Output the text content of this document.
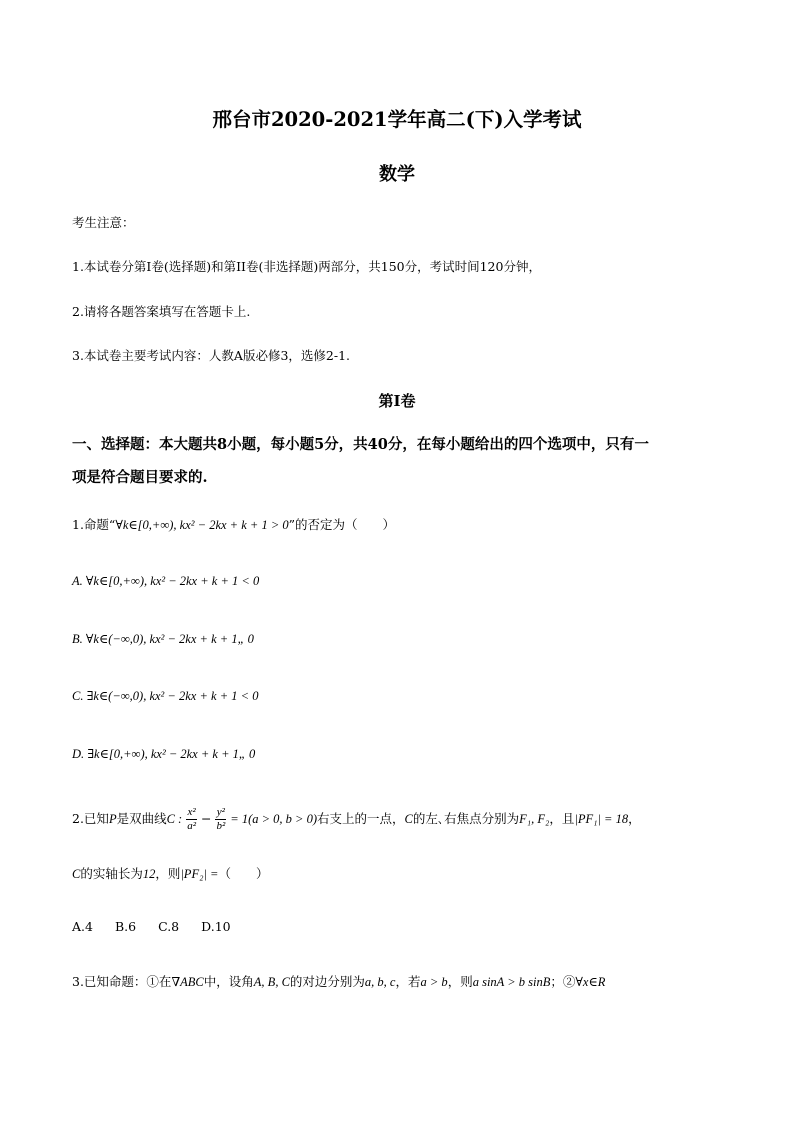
邢台市2020-2021学年高二(下)入学考试
数学
考生注意：
1.本试卷分第I卷(选择题)和第II卷(非选择题)两部分，共150分，考试时间120分钟，
2.请将各题答案填写在答题卡上.
3.本试卷主要考试内容：人教A版必修3，选修2-1.
第I卷
一、选择题：本大题共8小题，每小题5分，共40分，在每小题给出的四个选项中，只有一
项是符合题目要求的.
1.命题“∀k∈[0,+∞), kx² − 2kx + k + 1 > 0”的否定为（　　）
A. ∀k∈[0,+∞), kx² − 2kx + k + 1 < 0
B. ∀k∈(−∞,0), kx² − 2kx + k + 1„ 0
C. ∃k∈(−∞,0), kx² − 2kx + k + 1 < 0
D. ∃k∈[0,+∞), kx² − 2kx + k + 1„ 0
2.已知P是双曲线C : $\frac{\text{x²}}{\text{a²}} - \frac{\text{y²}}{\text{b²}} = 1(a > 0$, b > 0)右支上的一点，C的左､右焦点分别为F₁, F₂，且|PF₁| = 18，
C的实轴长为12，则|PF₂| =（　　）
A.4 B.6 C.8 D.10
3.已知命题：①在∇ABC中，设角A, B, C的对边分别为a, b, c，若a > b，则a sinA > b sinB；②∀x∈R
